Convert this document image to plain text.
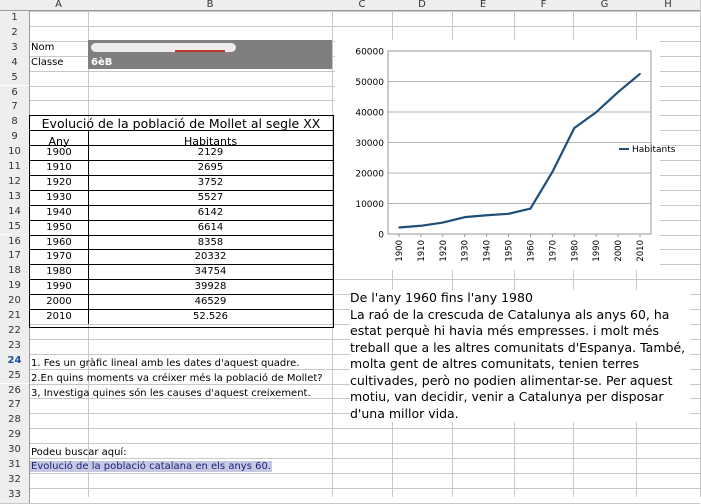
A	B	C	D	E	F	G	H
1
2
3
4
5
6
7
8
9
10
11
12
13
14
15
16
17
18
19
20
21
22
23
24
25
26
27
28
29
30
31
32
33
Nom
Classe	6èB
Evolució de la població de Mollet al segle XX
Any	Habitants
1900	2129
1910	2695
1920	3752
1930	5527
1940	6142
1950	6614
1960	8358
1970	20332
1980	34754
1990	39928
2000	46529
2010	52.526
1. Fes un gràfic lineal amb les dates d'aquest quadre.
2.En quins moments va créixer més la població de Mollet?
3, Investiga quines són les causes d'aquest creixement.
Podeu buscar aquí:
Evolució de la població catalana en els anys 60.
0
10000
20000
30000
40000
50000
60000
1900 1910 1920 1930 1940 1950 1960 1970 1980 1990 2000 2010
Habitants
De l'any 1960 fins l'any 1980
La raó de la crescuda de Catalunya als anys 60, ha estat perquè hi havia més empresses. i molt més treball que a les altres comunitats d'Espanya. També, molta gent de altres comunitats, tenien terres cultivades, però no podien alimentar-se. Per aquest motiu, van decidir, venir a Catalunya per disposar d'una millor vida.
